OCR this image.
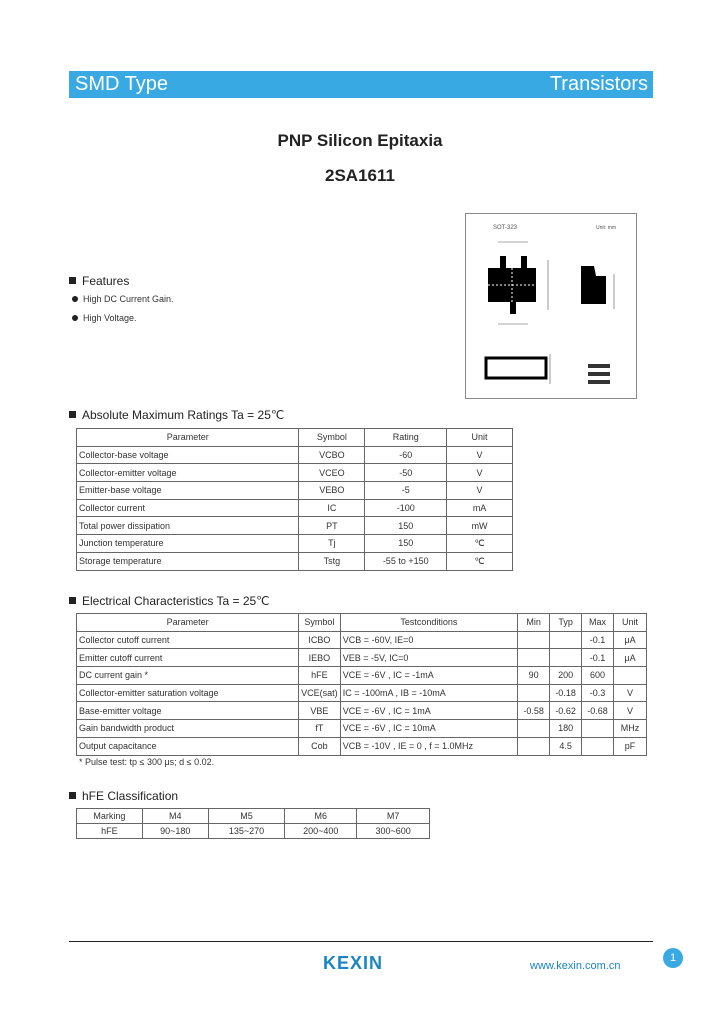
SMD Type	Transistors
PNP Silicon Epitaxia
2SA1611
SOT-323	Unit: mm
Features
High DC Current Gain.
High Voltage.
Absolute Maximum Ratings Ta = 25℃
Parameter	Symbol	Rating	Unit
Collector-base voltage	VCBO	-60	V
Collector-emitter voltage	VCEO	-50	V
Emitter-base voltage	VEBO	-5	V
Collector current	IC	-100	mA
Total power dissipation	PT	150	mW
Junction temperature	Tj	150	℃
Storage temperature	Tstg	-55 to +150	℃
Electrical Characteristics Ta = 25℃
Parameter	Symbol	Testconditions	Min	Typ	Max	Unit
Collector cutoff current	ICBO	VCB = -60V, IE=0			-0.1	μA
Emitter cutoff current	IEBO	VEB = -5V, IC=0			-0.1	μA
DC current gain *	hFE	VCE = -6V , IC = -1mA	90	200	600	
Collector-emitter saturation voltage	VCE(sat)	IC = -100mA , IB = -10mA		-0.18	-0.3	V
Base-emitter voltage	VBE	VCE = -6V , IC = 1mA	-0.58	-0.62	-0.68	V
Gain bandwidth product	fT	VCE = -6V , IC = 10mA		180		MHz
Output capacitance	Cob	VCB = -10V , IE = 0 , f = 1.0MHz		4.5		pF
* Pulse test: tp ≤ 300 μs; d ≤ 0.02.
hFE Classification
Marking	M4	M5	M6	M7
hFE	90~180	135~270	200~400	300~600
KEXIN	www.kexin.com.cn
1
